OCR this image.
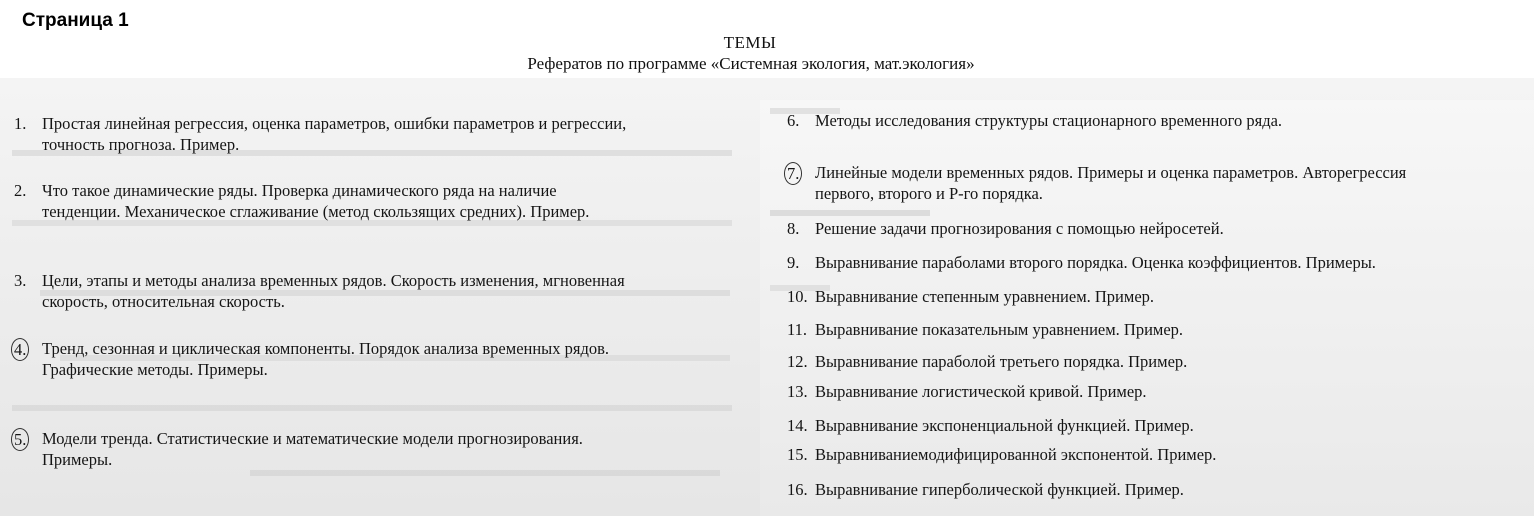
Страница 1
ТЕМЫ
Рефератов по программе «Системная экология, мат.экология»
1. Простая линейная регрессия, оценка параметров, ошибки параметров и регрессии,
точность прогноза. Пример.
2. Что такое динамические ряды. Проверка динамического ряда на наличие
тенденции. Механическое сглаживание (метод скользящих средних). Пример.
3. Цели, этапы и методы анализа временных рядов. Скорость изменения, мгновенная
скорость, относительная скорость.
4. Тренд, сезонная и циклическая компоненты. Порядок анализа временных рядов.
Графические методы. Примеры.
5. Модели тренда. Статистические и математические модели прогнозирования.
Примеры.
6. Методы исследования структуры стационарного временного ряда.
7. Линейные модели временных рядов. Примеры и оценка параметров. Авторегрессия
первого, второго и Р-го порядка.
8. Решение задачи прогнозирования с помощью нейросетей.
9. Выравнивание параболами второго порядка. Оценка коэффициентов. Примеры.
10. Выравнивание степенным уравнением. Пример.
11. Выравнивание показательным уравнением. Пример.
12. Выравнивание параболой третьего порядка. Пример.
13. Выравнивание логистической кривой. Пример.
14. Выравнивание экспоненциальной функцией. Пример.
15. Выравниваниемодифицированной экспонентой. Пример.
16. Выравнивание гиперболической функцией. Пример.
